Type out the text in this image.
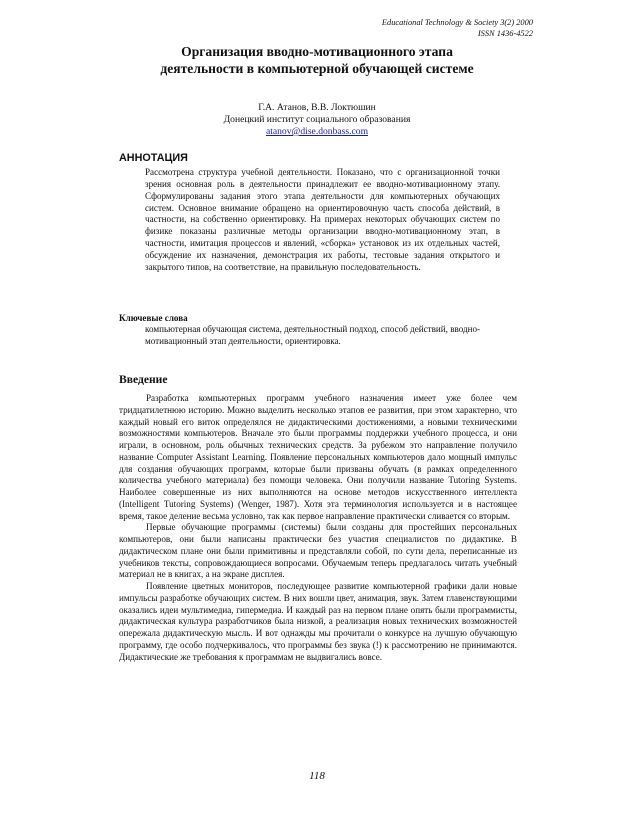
Educational Technology & Society 3(2) 2000
ISSN 1436-4522
Организация вводно-мотивационного этапа
деятельности в компьютерной обучающей системе
Г.А. Атанов, В.В. Локтюшин
Донецкий институт социального образования
atanov@dise.donbass.com
АННОТАЦИЯ
Рассмотрена структура учебной деятельности. Показано, что с организационной точки зрения основная роль в деятельности принадлежит ее вводно-мотивационному этапу. Сформулированы задания этого этапа деятельности для компьютерных обучающих систем. Основное внимание обращено на ориентировочную часть способа действий, в частности, на собственно ориентировку. На примерах некоторых обучающих систем по физике показаны различные методы организации вводно-мотивационному этап, в частности, имитация процессов и явлений, «сборка» установок из их отдельных частей, обсуждение их назначения, демонстрация их работы, тестовые задания открытого и закрытого типов, на соответствие, на правильную последовательность.
Ключевые слова
компьютерная обучающая система, деятельностный подход, способ действий, вводно-мотивационный этап деятельности, ориентировка.
Введение

Разработка компьютерных программ учебного назначения имеет уже более чем тридцатилетнюю историю. Можно выделить несколько этапов ее развития, при этом характерно, что каждый новый его виток определялся не дидактическими достижениями, а новыми техническими возможностями компьютеров. Вначале это были программы поддержки учебного процесса, и они играли, в основном, роль обычных технических средств. За рубежом это направление получило название Computer Assistant Learning. Появление персональных компьютеров дало мощный импульс для создания обучающих программ, которые были призваны обучать (в рамках определенного количества учебного материала) без помощи человека. Они получили название Tutoring Systems. Наиболее совершенные из них выполняются на основе методов искусственного интеллекта (Intelligent Tutoring Systems) (Wenger, 1987). Хотя эта терминология используется и в настоящее время, такое деление весьма условно, так как первое направление практически сливается со вторым.

Первые обучающие программы (системы) были созданы для простейших персональных компьютеров, они были написаны практически без участия специалистов по дидактике. В дидактическом плане они были примитивны и представляли собой, по сути дела, переписанные из учебников тексты, сопровождающиеся вопросами. Обучаемым теперь предлагалось читать учебный материал не в книгах, а на экране дисплея.

Появление цветных мониторов, последующее развитие компьютерной графики дали новые импульсы разработке обучающих систем. В них вошли цвет, анимация, звук. Затем главенствующими оказались идеи мультимедиа, гипермедиа. И каждый раз на первом плане опять были программисты, дидактическая культура разработчиков была низкой, а реализация новых технических возможностей опережала дидактическую мысль. И вот однажды мы прочитали о конкурсе на лучшую обучающую программу, где особо подчеркивалось, что программы без звука (!) к рассмотрению не принимаются. Дидактические же требования к программам не выдвигались вовсе.

118
